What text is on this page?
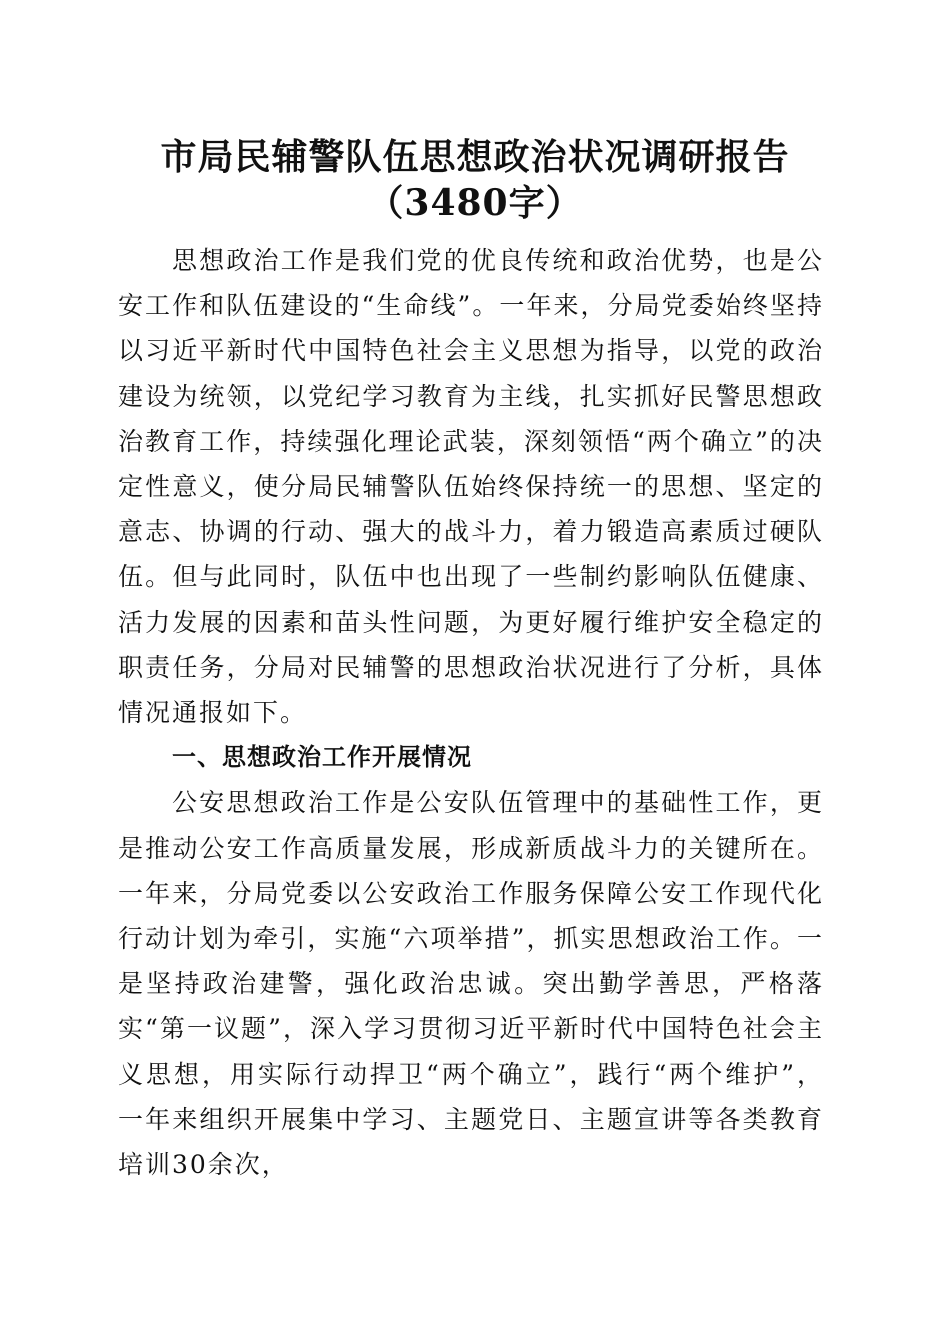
市局民辅警队伍思想政治状况调研报告（3480字）

思想政治工作是我们党的优良传统和政治优势，也是公安工作和队伍建设的“生命线”。一年来，分局党委始终坚持以习近平新时代中国特色社会主义思想为指导，以党的政治建设为统领，以党纪学习教育为主线，扎实抓好民警思想政治教育工作，持续强化理论武装，深刻领悟“两个确立”的决定性意义，使分局民辅警队伍始终保持统一的思想、坚定的意志、协调的行动、强大的战斗力，着力锻造高素质过硬队伍。但与此同时，队伍中也出现了一些制约影响队伍健康、活力发展的因素和苗头性问题，为更好履行维护安全稳定的职责任务，分局对民辅警的思想政治状况进行了分析，具体情况通报如下。

一、思想政治工作开展情况

公安思想政治工作是公安队伍管理中的基础性工作，更是推动公安工作高质量发展，形成新质战斗力的关键所在。一年来，分局党委以公安政治工作服务保障公安工作现代化行动计划为牵引，实施“六项举措”，抓实思想政治工作。一是坚持政治建警，强化政治忠诚。突出勤学善思，严格落实“第一议题”，深入学习贯彻习近平新时代中国特色社会主义思想，用实际行动捍卫“两个确立”，践行“两个维护”，一年来组织开展集中学习、主题党日、主题宣讲等各类教育培训30余次，
